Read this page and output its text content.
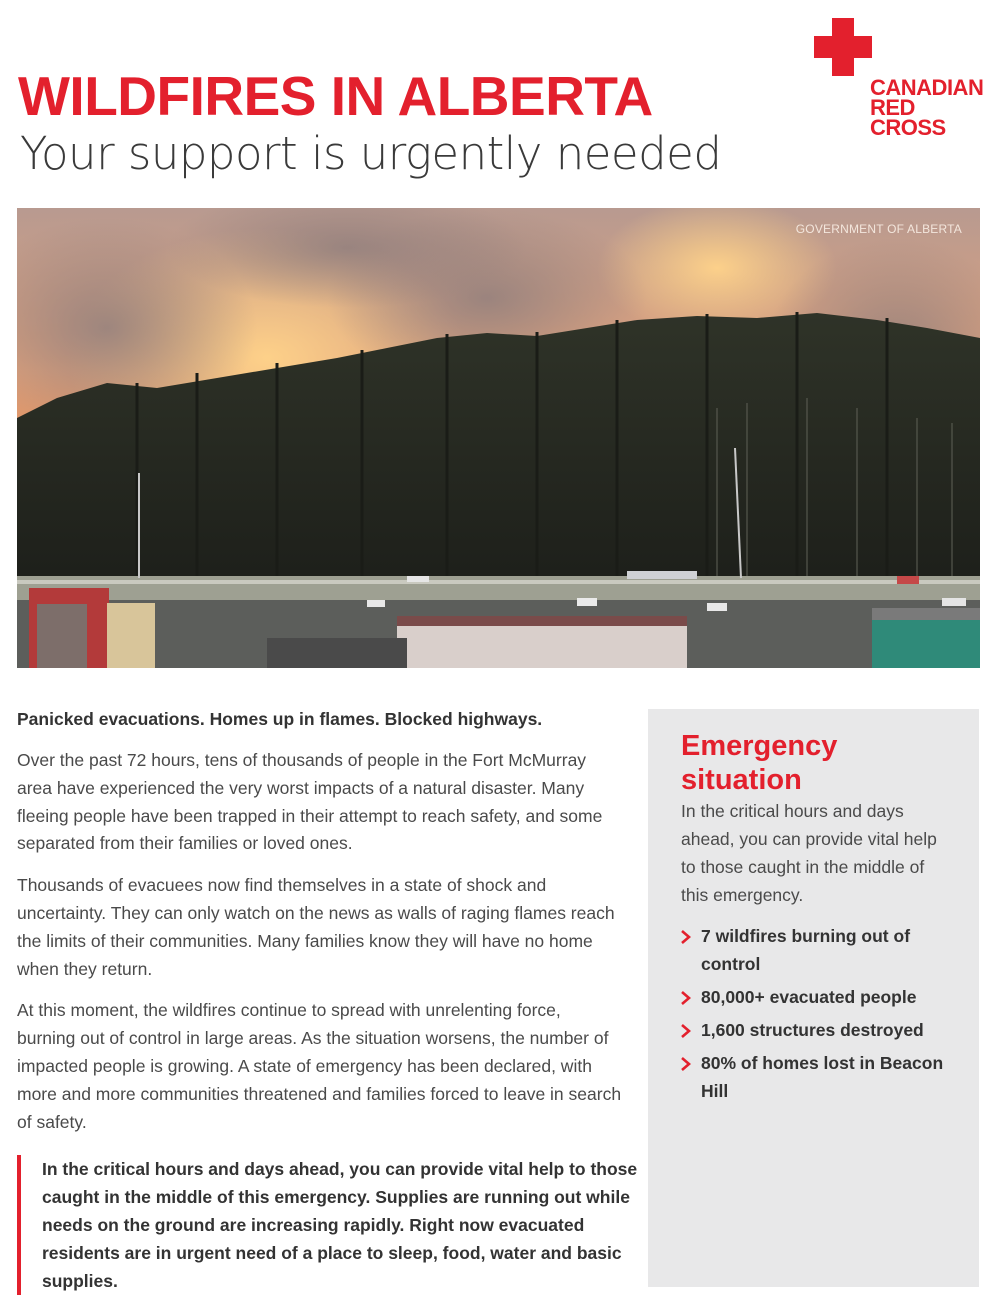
CANADIAN
RED CROSS
WILDFIRES IN ALBERTA
Your support is urgently needed
GOVERNMENT OF ALBERTA

Panicked evacuations. Homes up in flames. Blocked highways.

Over the past 72 hours, tens of thousands of people in the Fort McMurray area have experienced the very worst impacts of a natural disaster. Many fleeing people have been trapped in their attempt to reach safety, and some separated from their families or loved ones.

Thousands of evacuees now find themselves in a state of shock and uncertainty. They can only watch on the news as walls of raging flames reach the limits of their communities. Many families know they will have no home when they return.

At this moment, the wildfires continue to spread with unrelenting force, burning out of control in large areas. As the situation worsens, the number of impacted people is growing. A state of emergency has been declared, with more and more communities threatened and families forced to leave in search of safety.

In the critical hours and days ahead, you can provide vital help to those caught in the middle of this emergency. Supplies are running out while needs on the ground are increasing rapidly. Right now evacuated residents are in urgent need of a place to sleep, food, water and basic supplies.

Emergency situation

In the critical hours and days ahead, you can provide vital help to those caught in the middle of this emergency.

7 wildfires burning out of control
80,000+ evacuated people
1,600 structures destroyed
80% of homes lost in Beacon Hill
